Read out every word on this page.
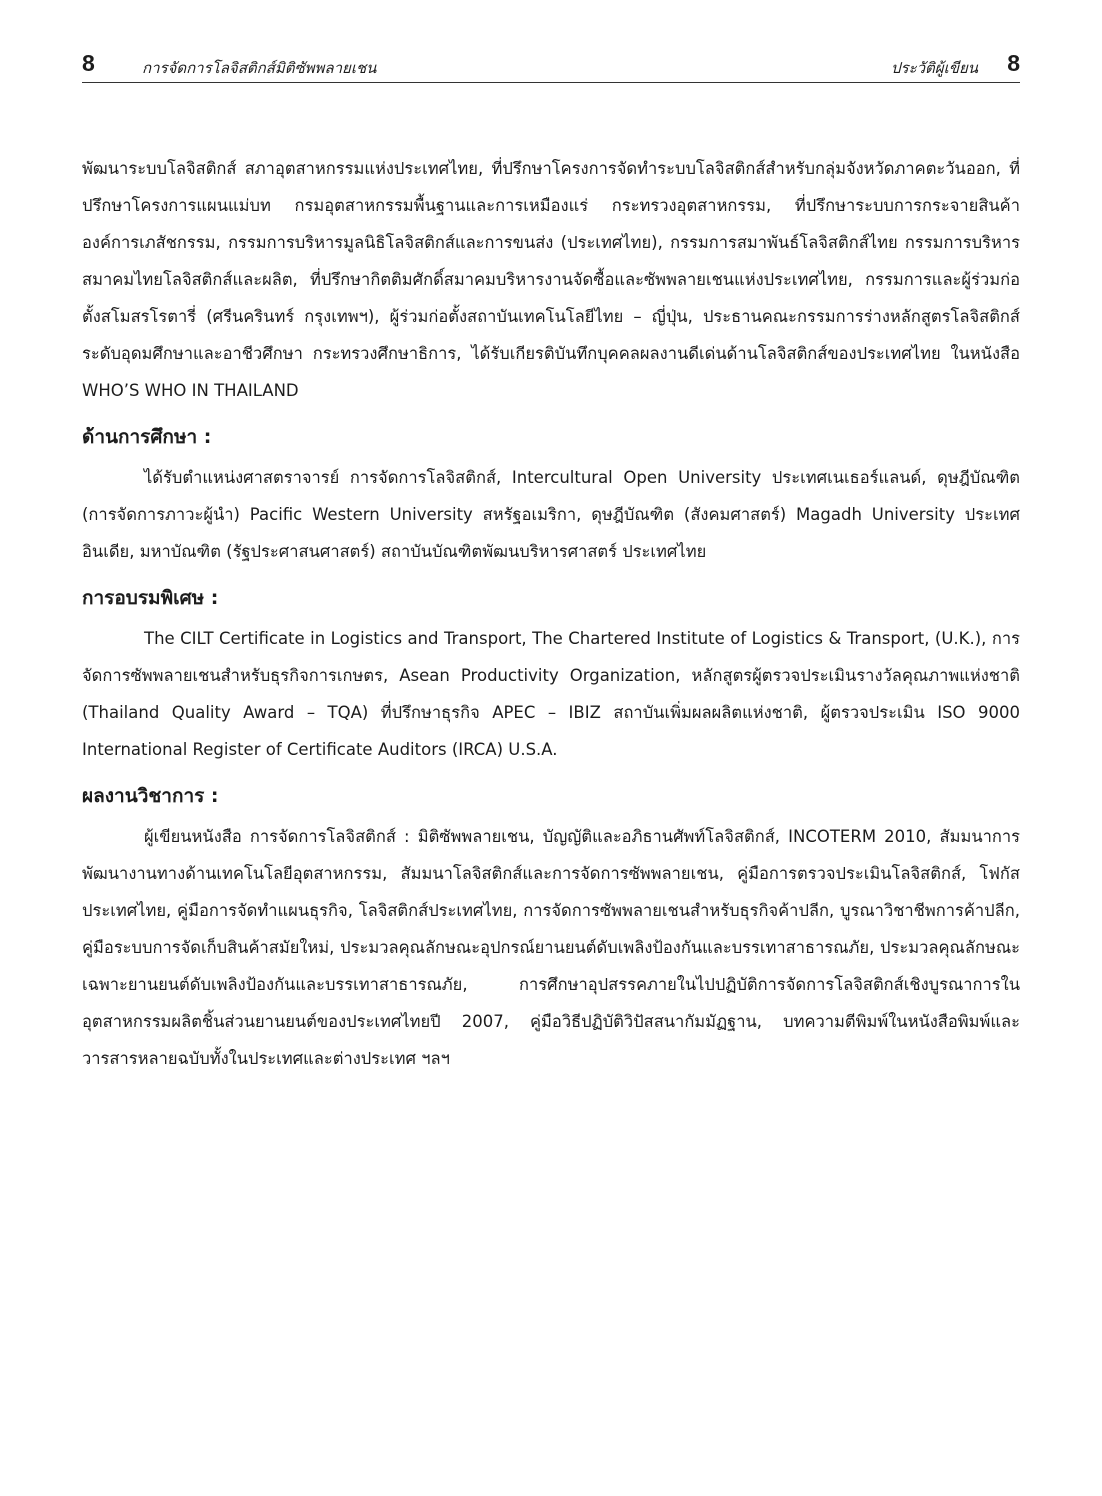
8	การจัดการโลจิสติกส์มิติซัพพลายเชน	ประวัติผู้เขียน 8

พัฒนาระบบโลจิสติกส์ สภาอุตสาหกรรมแห่งประเทศไทย, ที่ปรึกษาโครงการจัดทำระบบโลจิสติกส์สำหรับกลุ่มจังหวัดภาคตะวันออก, ที่ปรึกษาโครงการแผนแม่บท กรมอุตสาหกรรมพื้นฐานและการเหมืองแร่ กระทรวงอุตสาหกรรม, ที่ปรึกษาระบบการกระจายสินค้า องค์การเภสัชกรรม, กรรมการบริหารมูลนิธิโลจิสติกส์และการขนส่ง (ประเทศไทย), กรรมการสมาพันธ์โลจิสติกส์ไทย กรรมการบริหารสมาคมไทยโลจิสติกส์และผลิต, ที่ปรึกษากิตติมศักดิ์สมาคมบริหารงานจัดซื้อและซัพพลายเชนแห่งประเทศไทย, กรรมการและผู้ร่วมก่อตั้งสโมสรโรตารี่ (ศรีนครินทร์ กรุงเทพฯ), ผู้ร่วมก่อตั้งสถาบันเทคโนโลยีไทย – ญี่ปุ่น, ประธานคณะกรรมการร่างหลักสูตรโลจิสติกส์ระดับอุดมศึกษาและอาชีวศึกษา กระทรวงศึกษาธิการ, ได้รับเกียรติบันทึกบุคคลผลงานดีเด่นด้านโลจิสติกส์ของประเทศไทย ในหนังสือ WHO’S WHO IN THAILAND

ด้านการศึกษา :

ได้รับตำแหน่งศาสตราจารย์ การจัดการโลจิสติกส์, Intercultural Open University ประเทศเนเธอร์แลนด์, ดุษฎีบัณฑิต (การจัดการภาวะผู้นำ) Pacific Western University สหรัฐอเมริกา, ดุษฎีบัณฑิต (สังคมศาสตร์) Magadh University ประเทศอินเดีย, มหาบัณฑิต (รัฐประศาสนศาสตร์) สถาบันบัณฑิตพัฒนบริหารศาสตร์ ประเทศไทย

การอบรมพิเศษ :

The CILT Certificate in Logistics and Transport, The Chartered Institute of Logistics & Transport, (U.K.), การจัดการซัพพลายเชนสำหรับธุรกิจการเกษตร, Asean Productivity Organization, หลักสูตรผู้ตรวจประเมินรางวัลคุณภาพแห่งชาติ (Thailand Quality Award – TQA) ที่ปรึกษาธุรกิจ APEC – IBIZ สถาบันเพิ่มผลผลิตแห่งชาติ, ผู้ตรวจประเมิน ISO 9000 International Register of Certificate Auditors (IRCA) U.S.A.

ผลงานวิชาการ :

ผู้เขียนหนังสือ การจัดการโลจิสติกส์ : มิติซัพพลายเชน, บัญญัติและอภิธานศัพท์โลจิสติกส์, INCOTERM 2010, สัมมนาการพัฒนางานทางด้านเทคโนโลยีอุตสาหกรรม, สัมมนาโลจิสติกส์และการจัดการซัพพลายเชน, คู่มือการตรวจประเมินโลจิสติกส์, โฟกัสประเทศไทย, คู่มือการจัดทำแผนธุรกิจ, โลจิสติกส์ประเทศไทย, การจัดการซัพพลายเชนสำหรับธุรกิจค้าปลีก, บูรณาวิชาชีพการค้าปลีก, คู่มือระบบการจัดเก็บสินค้าสมัยใหม่, ประมวลคุณลักษณะอุปกรณ์ยานยนต์ดับเพลิงป้องกันและบรรเทาสาธารณภัย, ประมวลคุณลักษณะเฉพาะยานยนต์ดับเพลิงป้องกันและบรรเทาสาธารณภัย, การศึกษาอุปสรรคภายในไปปฏิบัติการจัดการโลจิสติกส์เชิงบูรณาการในอุตสาหกรรมผลิตชิ้นส่วนยานยนต์ของประเทศไทยปี 2007, คู่มือวิธีปฏิบัติวิปัสสนากัมมัฏฐาน, บทความตีพิมพ์ในหนังสือพิมพ์และวารสารหลายฉบับทั้งในประเทศและต่างประเทศ ฯลฯ
